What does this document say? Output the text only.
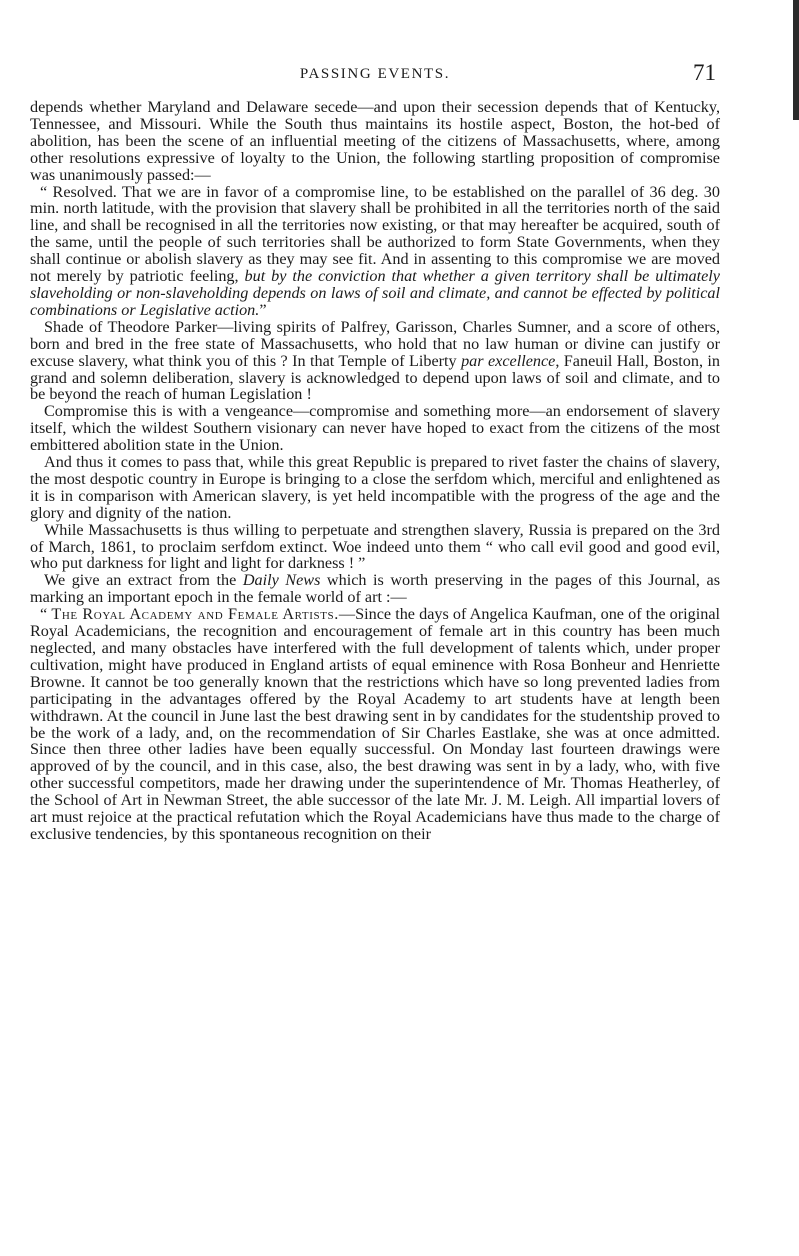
PASSING EVENTS.	71

depends whether Maryland and Delaware secede—and upon their secession depends that of Kentucky, Tennessee, and Missouri. While the South thus maintains its hostile aspect, Boston, the hot-bed of abolition, has been the scene of an influential meeting of the citizens of Massachusetts, where, among other resolutions expressive of loyalty to the Union, the following startling proposition of compromise was unanimously passed:—

“ Resolved. That we are in favor of a compromise line, to be established on the parallel of 36 deg. 30 min. north latitude, with the provision that slavery shall be prohibited in all the territories north of the said line, and shall be recognised in all the territories now existing, or that may hereafter be acquired, south of the same, until the people of such territories shall be authorized to form State Governments, when they shall continue or abolish slavery as they may see fit. And in assenting to this compromise we are moved not merely by patriotic feeling, but by the conviction that whether a given territory shall be ultimately slaveholding or non-slaveholding depends on laws of soil and climate, and cannot be effected by political combinations or Legislative action.”

Shade of Theodore Parker—living spirits of Palfrey, Garisson, Charles Sumner, and a score of others, born and bred in the free state of Massachusetts, who hold that no law human or divine can justify or excuse slavery, what think you of this ? In that Temple of Liberty par excellence, Faneuil Hall, Boston, in grand and solemn deliberation, slavery is acknowledged to depend upon laws of soil and climate, and to be beyond the reach of human Legislation !

Compromise this is with a vengeance—compromise and something more—an endorsement of slavery itself, which the wildest Southern visionary can never have hoped to exact from the citizens of the most embittered abolition state in the Union.

And thus it comes to pass that, while this great Republic is prepared to rivet faster the chains of slavery, the most despotic country in Europe is bringing to a close the serfdom which, merciful and enlightened as it is in comparison with American slavery, is yet held incompatible with the progress of the age and the glory and dignity of the nation.

While Massachusetts is thus willing to perpetuate and strengthen slavery, Russia is prepared on the 3rd of March, 1861, to proclaim serfdom extinct. Woe indeed unto them “ who call evil good and good evil, who put darkness for light and light for darkness ! ”

We give an extract from the Daily News which is worth preserving in the pages of this Journal, as marking an important epoch in the female world of art :—

“ The Royal Academy and Female Artists.—Since the days of Angelica Kaufman, one of the original Royal Academicians, the recognition and encouragement of female art in this country has been much neglected, and many obstacles have interfered with the full development of talents which, under proper cultivation, might have produced in England artists of equal eminence with Rosa Bonheur and Henriette Browne. It cannot be too generally known that the restrictions which have so long prevented ladies from participating in the advantages offered by the Royal Academy to art students have at length been withdrawn. At the council in June last the best drawing sent in by candidates for the studentship proved to be the work of a lady, and, on the recommendation of Sir Charles Eastlake, she was at once admitted. Since then three other ladies have been equally successful. On Monday last fourteen drawings were approved of by the council, and in this case, also, the best drawing was sent in by a lady, who, with five other successful competitors, made her drawing under the superintendence of Mr. Thomas Heatherley, of the School of Art in Newman Street, the able successor of the late Mr. J. M. Leigh. All impartial lovers of art must rejoice at the practical refutation which the Royal Academicians have thus made to the charge of exclusive tendencies, by this spontaneous recognition on their
